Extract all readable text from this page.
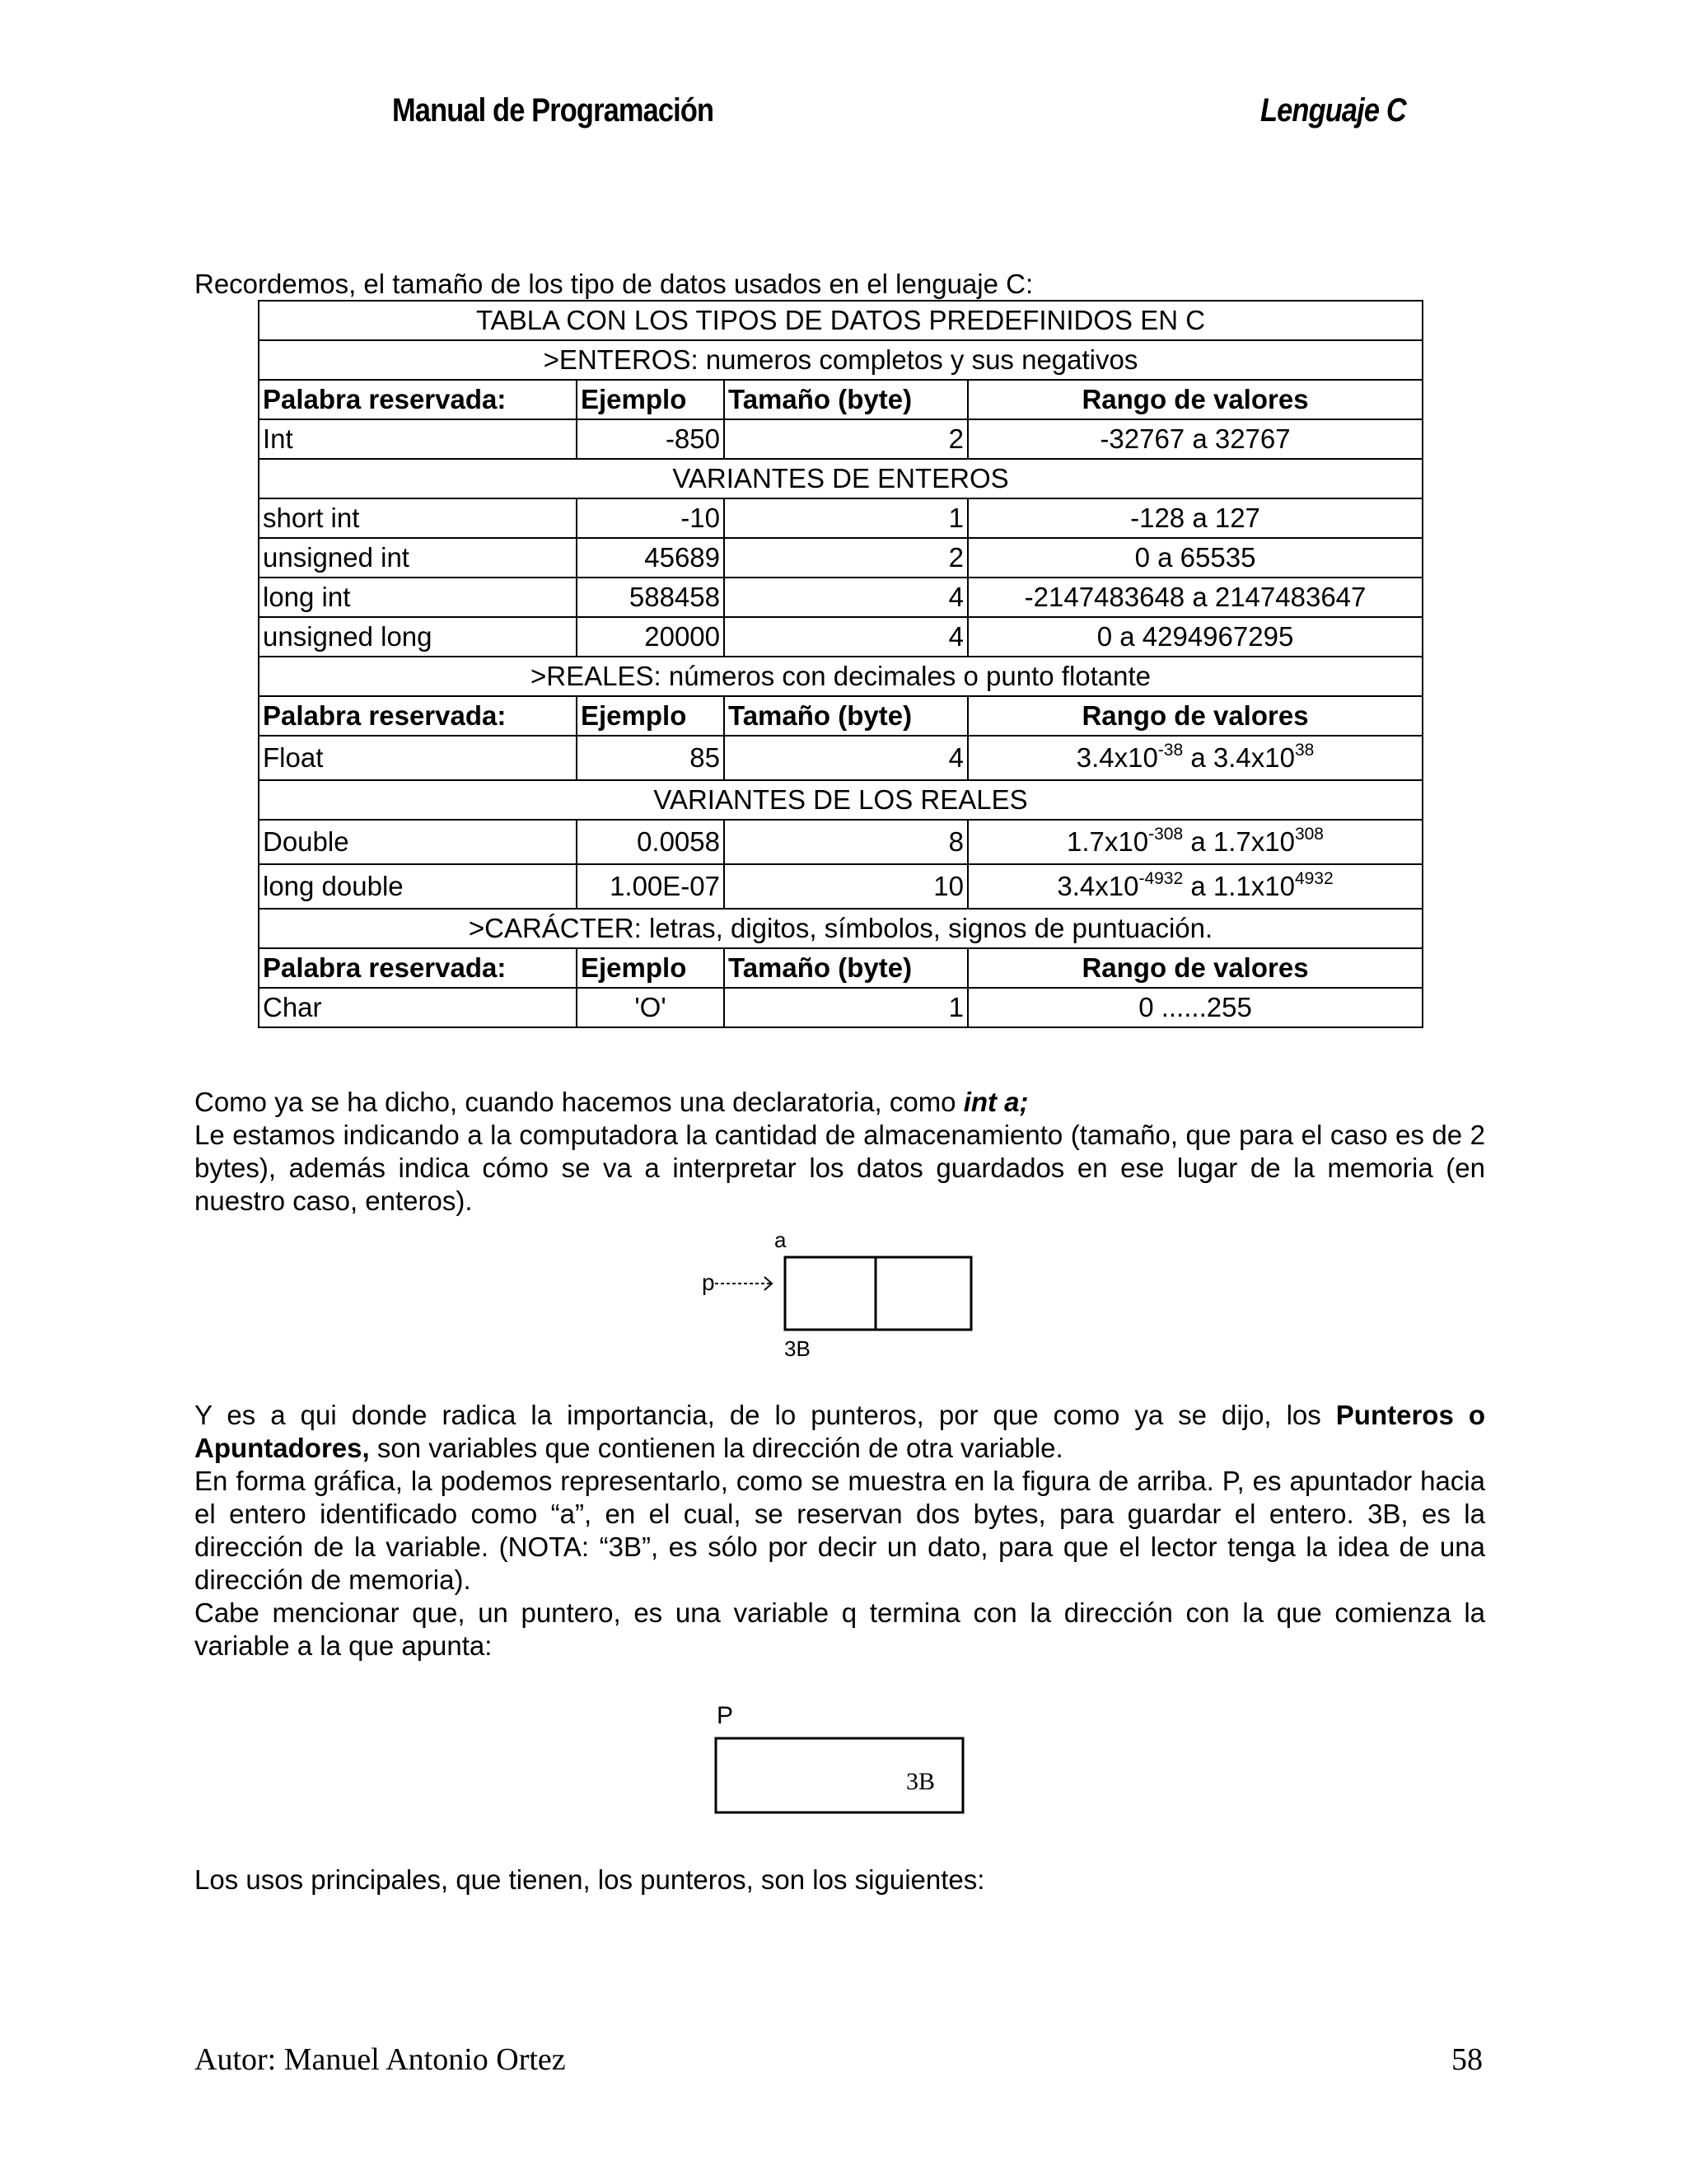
Manual de Programación	Lenguaje C
Recordemos, el tamaño de los tipo de datos usados en el lenguaje C:
TABLA CON LOS TIPOS DE DATOS PREDEFINIDOS EN C			
>ENTEROS: numeros completos y sus negativos			
Palabra reservada:	Ejemplo	Tamaño (byte)	Rango de valores
Int	-850	2	-32767 a 32767
VARIANTES DE ENTEROS			
short int	-10	1	-128 a 127
unsigned int	45689	2	0 a 65535
long int	588458	4	-2147483648 a 2147483647
unsigned long	20000	4	0 a 4294967295
>REALES: números con decimales o punto flotante			
Palabra reservada:	Ejemplo	Tamaño (byte)	Rango de valores
Float	85	4	$3.4x10^{-38}$ a $3.4x10^{38}$
VARIANTES DE LOS REALES			
Double	0.0058	8	$1.7x10^{-308}$ a $1.7x10^{308}$
long double	1.00E-07	10	$3.4x10^{-4932}$ a $1.1x10^{4932}$
>CARÁCTER: letras, digitos, símbolos, signos de puntuación.			
Palabra reservada:	Ejemplo	Tamaño (byte)	Rango de valores
Char	'O'	1	0 ......255

Como ya se ha dicho, cuando hacemos una declaratoria, como int a;

Le estamos indicando a la computadora la cantidad de almacenamiento (tamaño, que para el caso es de 2 bytes), además indica cómo se va a interpretar los datos guardados en ese lugar de la memoria (en nuestro caso, enteros).

a
p
3B

Y es a qui donde radica la importancia, de lo punteros, por que como ya se dijo, los Punteros o Apuntadores, son variables que contienen la dirección de otra variable.

En forma gráfica, la podemos representarlo, como se muestra en la figura de arriba. P, es apuntador hacia el entero identificado como “a”, en el cual, se reservan dos bytes, para guardar el entero. 3B, es la dirección de la variable. (NOTA: “3B”, es sólo por decir un dato, para que el lector tenga la idea de una dirección de memoria).

Cabe mencionar que, un puntero, es una variable q termina con la dirección con la que comienza la variable a la que apunta:

P
3B
Los usos principales, que tienen, los punteros, son los siguientes:
Autor: Manuel Antonio Ortez	58
